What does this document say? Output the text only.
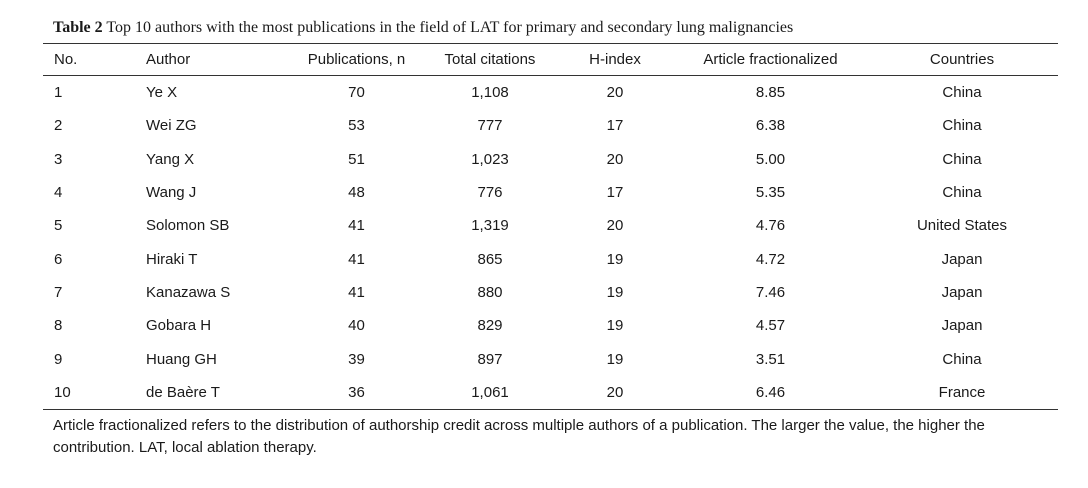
Table 2 Top 10 authors with the most publications in the field of LAT for primary and secondary lung malignancies
No.	Author	Publications, n	Total citations	H-index	Article fractionalized	Countries
1	Ye X	70	1,108	20	8.85	China
2	Wei ZG	53	777	17	6.38	China
3	Yang X	51	1,023	20	5.00	China
4	Wang J	48	776	17	5.35	China
5	Solomon SB	41	1,319	20	4.76	United States
6	Hiraki T	41	865	19	4.72	Japan
7	Kanazawa S	41	880	19	7.46	Japan
8	Gobara H	40	829	19	4.57	Japan
9	Huang GH	39	897	19	3.51	China
10	de Baère T	36	1,061	20	6.46	France
Article fractionalized refers to the distribution of authorship credit across multiple authors of a publication. The larger the value, the higher the contribution. LAT, local ablation therapy.
